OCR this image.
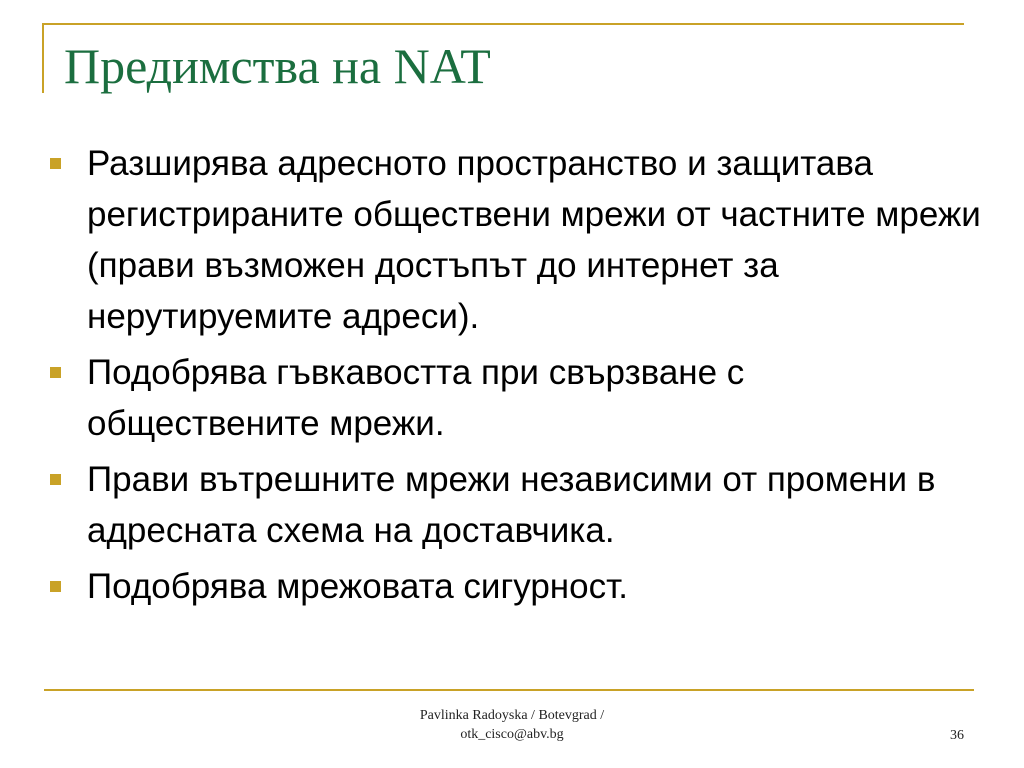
Предимства на NAT
Разширява адресното пространство и защитава регистрираните обществени мрежи от частните мрежи (прави възможен достъпът до интернет за нерутируемите адреси).
Подобрява гъвкавостта при свързване с обществените мрежи.
Прави вътрешните мрежи независими от промени в адресната схема на доставчика.
Подобрява мрежовата сигурност.

Pavlinka Radoyska / Botevgrad /
otk_cisco@abv.bg	36
